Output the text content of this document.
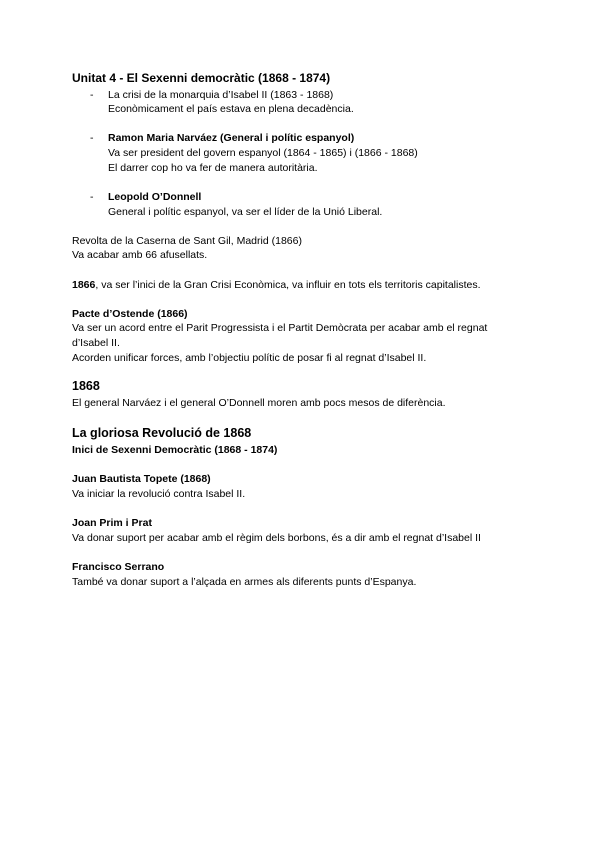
Unitat 4 - El Sexenni democràtic (1868 - 1874)
- La crisi de la monarquia d’Isabel II (1863 - 1868)
Econòmicament el país estava en plena decadència.
- Ramon Maria Narváez (General i polític espanyol)
Va ser president del govern espanyol (1864 - 1865) i (1866 - 1868)
El darrer cop ho va fer de manera autoritària.
- Leopold O’Donnell
General i polític espanyol, va ser el líder de la Unió Liberal.
Revolta de la Caserna de Sant Gil, Madrid (1866)
Va acabar amb 66 afusellats.
1866, va ser l’inici de la Gran Crisi Econòmica, va influir en tots els territoris capitalistes.
Pacte d’Ostende (1866)
Va ser un acord entre el Parit Progressista i el Partit Demòcrata per acabar amb el regnat
d’Isabel II.
Acorden unificar forces, amb l’objectiu polític de posar fi al regnat d’Isabel II.
1868
El general Narváez i el general O’Donnell moren amb pocs mesos de diferència.
La gloriosa Revolució de 1868
Inici de Sexenni Democràtic (1868 - 1874)
Juan Bautista Topete (1868)
Va iniciar la revolució contra Isabel II.
Joan Prim i Prat
Va donar suport per acabar amb el règim dels borbons, és a dir amb el regnat d’Isabel II
Francisco Serrano
També va donar suport a l’alçada en armes als diferents punts d’Espanya.
